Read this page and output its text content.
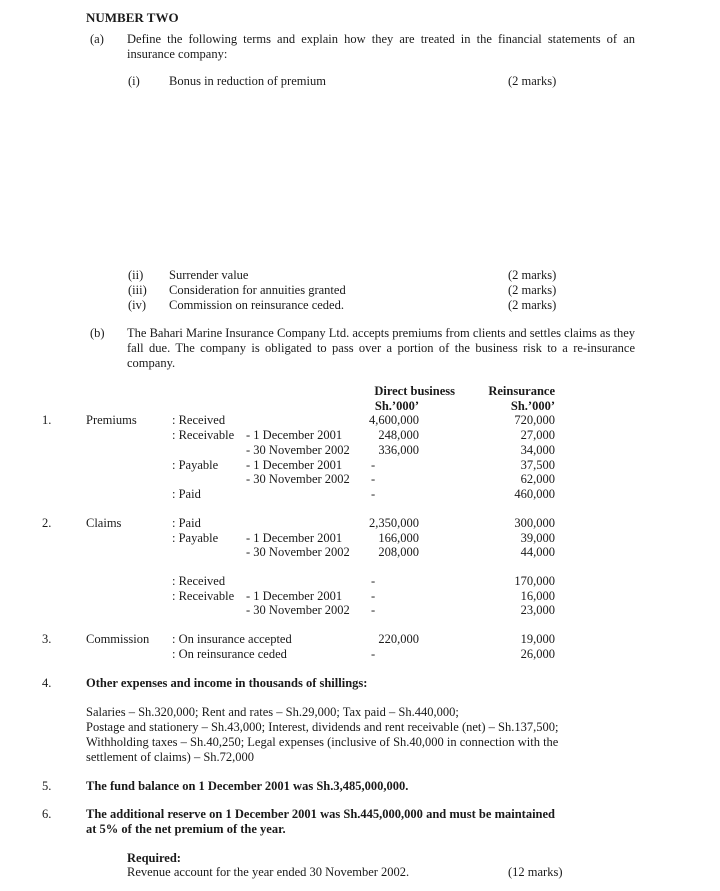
NUMBER TWO
(a) Define the following terms and explain how they are treated in the financial statements of an insurance company:
(i) Bonus in reduction of premium	(2 marks)
(ii) Surrender value	(2 marks)
(iii) Consideration for annuities granted	(2 marks)
(iv) Commission on reinsurance ceded.	(2 marks)
(b) The Bahari Marine Insurance Company Ltd. accepts premiums from clients and settles claims as they fall due. The company is obligated to pass over a portion of the business risk to a re-insurance company.
Direct business
Sh.’000’
Reinsurance
Sh.’000’
1.	Premiums	: Received	4,600,000	720,000
: Receivable - 1 December 2001	248,000	27,000
- 30 November 2002	336,000	34,000
: Payable - 1 December 2001 -	37,500
- 30 November 2002 -	62,000
: Paid	-	460,000
2.	Claims	: Paid	2,350,000	300,000
: Payable - 1 December 2001	166,000	39,000
- 30 November 2002	208,000	44,000
: Received	-	170,000
: Receivable - 1 December 2001 -	16,000
- 30 November 2002 -	23,000
3.	Commission : On insurance accepted	220,000	19,000
: On reinsurance ceded	-	26,000
4.	Other expenses and income in thousands of shillings:
Salaries – Sh.320,000; Rent and rates – Sh.29,000; Tax paid – Sh.440,000;
Postage and stationery – Sh.43,000; Interest, dividends and rent receivable (net) – Sh.137,500;
Withholding taxes – Sh.40,250; Legal expenses (inclusive of Sh.40,000 in connection with the
settlement of claims) – Sh.72,000
5.	The fund balance on 1 December 2001 was Sh.3,485,000,000.
6.	The additional reserve on 1 December 2001 was Sh.445,000,000 and must be maintained at 5% of the net premium of the year.
Required:
Revenue account for the year ended 30 November 2002.	(12 marks)
